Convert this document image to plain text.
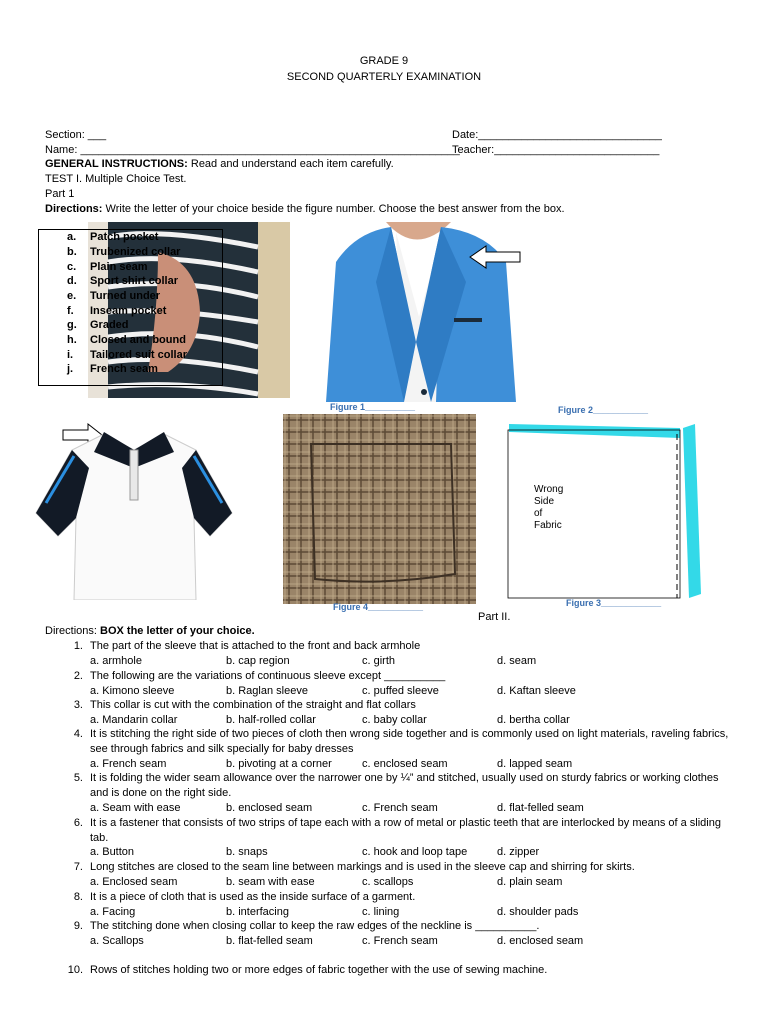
GRADE 9
SECOND QUARTERLY EXAMINATION
Section: ___	Date:______________________________
Name: ______________________________________________________________
Teacher:___________________________
GENERAL INSTRUCTIONS: Read and understand each item carefully.
TEST I. Multiple Choice Test.
Part 1
Directions: Write the letter of your choice beside the figure number. Choose the best answer from the box.
a. Patch pocket
b. Trubenized collar
c. Plain seam
d. Sport shirt collar
e. Turned under
f. Inseam pocket
g. Graded
h. Closed and bound
i. Tailored suit collar
j. French seam
Figure 1__________	Figure 2___________
Wrong
Side
of
Fabric
Figure 3____________
Figure 4___________
Part II.
Directions: BOX the letter of your choice.
1. The part of the sleeve that is attached to the front and back armhole
a. armhole	b. cap region	c. girth	d. seam
2. The following are the variations of continuous sleeve except __________
a. Kimono sleeve	b. Raglan sleeve	c. puffed sleeve	d. Kaftan sleeve
3. This collar is cut with the combination of the straight and flat collars
a. Mandarin collar	b. half-rolled collar	c. baby collar	d. bertha collar
4. It is stitching the right side of two pieces of cloth then wrong side together and is commonly used on light materials, raveling fabrics, see through fabrics and silk specially for baby dresses
a. French seam	b. pivoting at a corner	c. enclosed seam	d. lapped seam
5. It is folding the wider seam allowance over the narrower one by ¼” and stitched, usually used on sturdy fabrics or working clothes and is done on the right side.
a. Seam with ease	b. enclosed seam	c. French seam	d. flat-felled seam
6. It is a fastener that consists of two strips of tape each with a row of metal or plastic teeth that are interlocked by means of a sliding tab.
a. Button	b. snaps	c. hook and loop tape	d. zipper
7. Long stitches are closed to the seam line between markings and is used in the sleeve cap and shirring for skirts.
a. Enclosed seam	b. seam with ease	c. scallops	d. plain seam
8. It is a piece of cloth that is used as the inside surface of a garment.
a. Facing	b. interfacing	c. lining	d. shoulder pads
9. The stitching done when closing collar to keep the raw edges of the neckline is __________.
a. Scallops	b. flat-felled seam	c. French seam	d. enclosed seam
10. Rows of stitches holding two or more edges of fabric together with the use of sewing machine.
